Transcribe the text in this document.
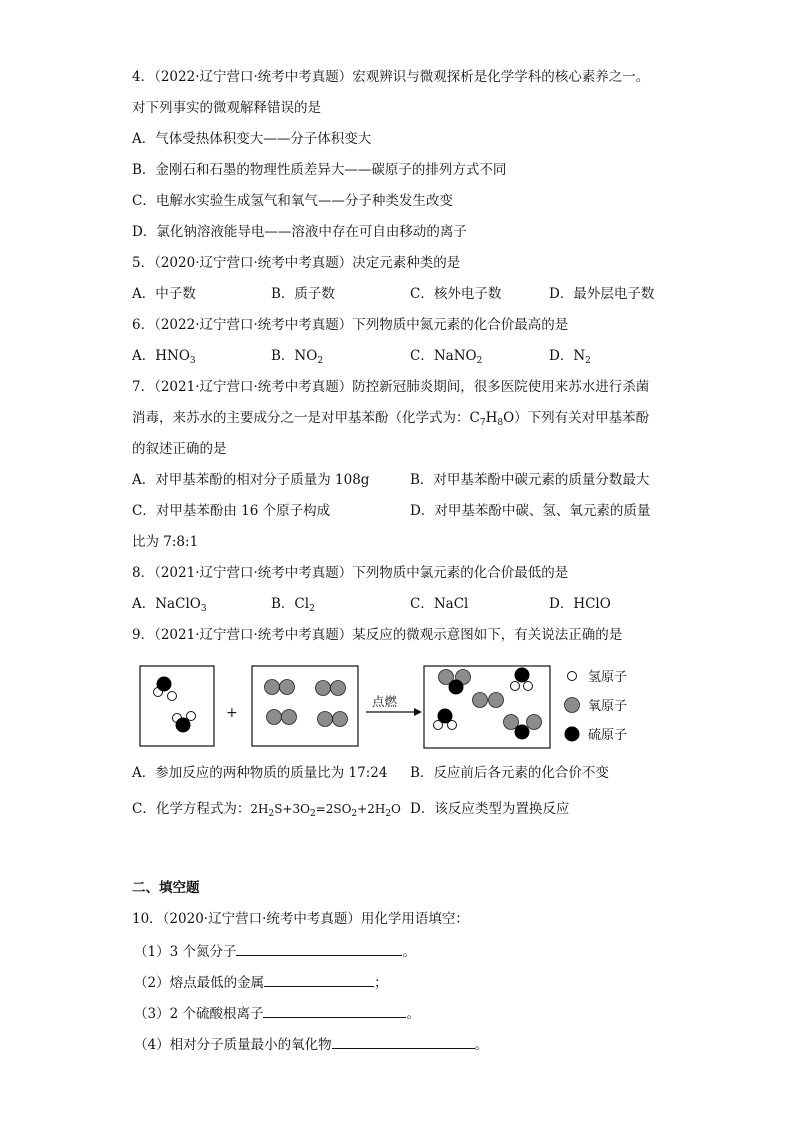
4．（2022·辽宁营口·统考中考真题）宏观辨识与微观探析是化学学科的核心素养之一。
对下列事实的微观解释错误的是
A．气体受热体积变大——分子体积变大
B．金刚石和石墨的物理性质差异大——碳原子的排列方式不同
C．电解水实验生成氢气和氧气——分子种类发生改变
D．氯化钠溶液能导电——溶液中存在可自由移动的离子
5．（2020·辽宁营口·统考中考真题）决定元素种类的是
A．中子数	B．质子数	C．核外电子数	D．最外层电子数
6．（2022·辽宁营口·统考中考真题）下列物质中氮元素的化合价最高的是
A．$HNO_3$	B．$NO_2$	C．NaNO$_2$	D．$N_2$
7．（2021·辽宁营口·统考中考真题）防控新冠肺炎期间，很多医院使用来苏水进行杀菌
消毒，来苏水的主要成分之一是对甲基苯酚（化学式为：$C_7H_8O$）下列有关对甲基苯酚
的叙述正确的是
A．对甲基苯酚的相对分子质量为 108g	B．对甲基苯酚中碳元素的质量分数最大
C．对甲基苯酚由 16 个原子构成	D．对甲基苯酚中碳、氢、氧元素的质量
比为 7:8:1
8．（2021·辽宁营口·统考中考真题）下列物质中氯元素的化合价最低的是
A．NaClO$_3$	B．$Cl_2$	C．NaCl	D．HClO
9．（2021·辽宁营口·统考中考真题）某反应的微观示意图如下，有关说法正确的是
+
点燃
氢原子
氧原子
硫原子
A．参加反应的两种物质的质量比为 17:24 B．反应前后各元素的化合价不变
C．化学方程式为：$2H_2S+3O_2=2SO_2+2H_2O$ D．该反应类型为置换反应
二、填空题
10．（2020·辽宁营口·统考中考真题）用化学用语填空：
（1）3 个氮分子	。
（2）熔点最低的金属	；
（3）2 个硫酸根离子	。
（4）相对分子质量最小的氧化物	。
